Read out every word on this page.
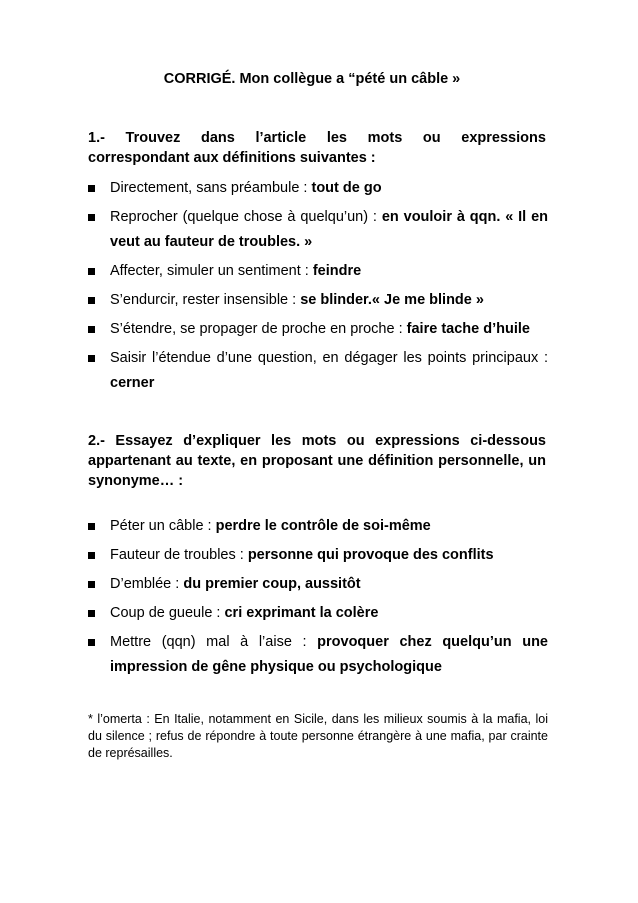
CORRIGÉ. Mon collègue a “pété un câble »
1.- Trouvez dans l’article les mots ou expressions
correspondant aux définitions suivantes :
Directement, sans préambule : tout de go
Reprocher (quelque chose à quelqu’un) : en vouloir à qqn. « Il en veut au fauteur de troubles. »
Affecter, simuler un sentiment : feindre
S’endurcir, rester insensible : se blinder.« Je me blinde »
S’étendre, se propager de proche en proche : faire tache d’huile
Saisir l’étendue d’une question, en dégager les points principaux : cerner
2.- Essayez d’expliquer les mots ou expressions ci-dessous appartenant au texte, en proposant une définition personnelle, un synonyme… :
Péter un câble : perdre le contrôle de soi-même
Fauteur de troubles : personne qui provoque des conflits
D’emblée : du premier coup, aussitôt
Coup de gueule : cri exprimant la colère
Mettre (qqn) mal à l’aise : provoquer chez quelqu’un une impression de gêne physique ou psychologique
* l’omerta : En Italie, notamment en Sicile, dans les milieux soumis à la mafia, loi du silence ; refus de répondre à toute personne étrangère à une mafia, par crainte de représailles.
